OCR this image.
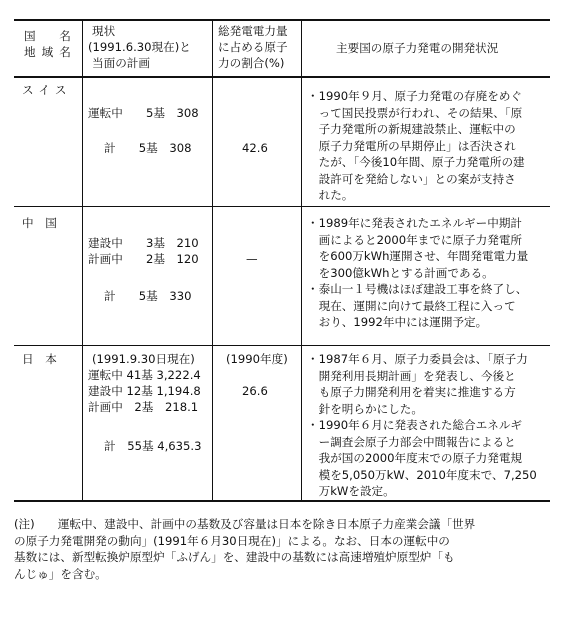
国　名
地域名
現状
(1991.6.30現在)と
当面の計画
総発電電力量
に占める原子
力の割合(%)
主要国の原子力発電の開発状況
スイス
運転中　　5基　308
計　　5基　308	42.6
・1990年９月、原子力発電の存廃をめぐ
　って国民投票が行われ、その結果、「原
　子力発電所の新規建設禁止、運転中の
　原子力発電所の早期停止」は否決され
　たが、「今後10年間、原子力発電所の建
　設許可を発給しない」との案が支持さ
　れた。
中　国
建設中　　3基　210
計画中　　2基　120
計　　5基　330
—
・1989年に発表されたエネルギー中期計
　画によると2000年までに原子力発電所
　を600万kWh運開させ、年間発電電力量
　を300億kWhとする計画である。
・泰山一１号機はほぼ建設工事を終了し、
　現在、運開に向けて最終工程に入って
　おり、1992年中には運開予定。
日　本	(1991.9.30日現在)
運転中 41基 3,222.4
建設中 12基 1,194.8
計画中　2基　218.1
計　55基 4,635.3
(1990年度)
26.6
・1987年６月、原子力委員会は、「原子力
　開発利用長期計画」を発表し、今後と
　も原子力開発利用を着実に推進する方
　針を明らかにした。
・1990年６月に発表された総合エネルギ
　ー調査会原子力部会中間報告によると
　我が国の2000年度末での原子力発電規
　模を5,050万kW、2010年度末で、7,250
　万kWを設定。
(注)　　 運転中、建設中、計画中の基数及び容量は日本を除き日本原子力産業会議「世界
の原子力発電開発の動向」(1991年６月30日現在)」による。なお、日本の運転中の
基数には、新型転換炉原型炉「ふげん」を、建設中の基数には高速増殖炉原型炉「も
んじゅ」を含む。
